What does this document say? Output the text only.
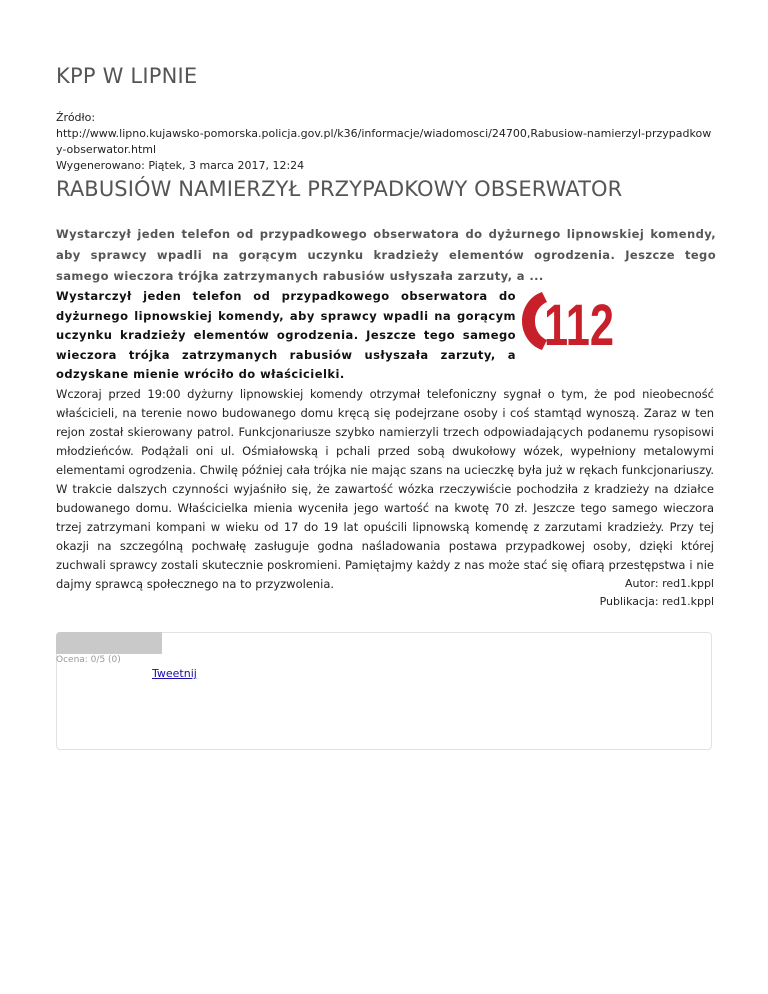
KPP W LIPNIE
Źródło:
http://www.lipno.kujawsko-pomorska.policja.gov.pl/k36/informacje/wiadomosci/24700,Rabusiow-namierzyl-przypadkowy-obserwator.html
Wygenerowano: Piątek, 3 marca 2017, 12:24
RABUSIÓW NAMIERZYŁ PRZYPADKOWY OBSERWATOR
Wystarczył jeden telefon od przypadkowego obserwatora do dyżurnego lipnowskiej komendy, aby sprawcy wpadli na gorącym uczynku kradzieży elementów ogrodzenia. Jeszcze tego samego wieczora trójka zatrzymanych rabusiów usłyszała zarzuty, a ...
Wystarczył jeden telefon od przypadkowego obserwatora do dyżurnego lipnowskiej komendy, aby sprawcy wpadli na gorącym uczynku kradzieży elementów ogrodzenia. Jeszcze tego samego wieczora trójka zatrzymanych rabusiów usłyszała zarzuty, a odzyskane mienie wróciło do właścicielki.
112
Wczoraj przed 19:00 dyżurny lipnowskiej komendy otrzymał telefoniczny sygnał o tym, że pod nieobecność właścicieli, na terenie nowo budowanego domu kręcą się podejrzane osoby i coś stamtąd wynoszą. Zaraz w ten rejon został skierowany patrol. Funkcjonariusze szybko namierzyli trzech odpowiadających podanemu rysopisowi młodzieńców. Podążali oni ul. Ośmiałowską i pchali przed sobą dwukołowy wózek, wypełniony metalowymi elementami ogrodzenia. Chwilę później cała trójka nie mając szans na ucieczkę była już w rękach funkcjonariuszy. W trakcie dalszych czynności wyjaśniło się, że zawartość wózka rzeczywiście pochodziła z kradzieży na działce budowanego domu. Właścicielka mienia wyceniła jego wartość na kwotę 70 zł. Jeszcze tego samego wieczora trzej zatrzymani kompani w wieku od 17 do 19 lat opuścili lipnowską komendę z zarzutami kradzieży. Przy tej okazji na szczególną pochwałę zasługuje godna naśladowania postawa przypadkowej osoby, dzięki której zuchwali sprawcy zostali skutecznie poskromieni. Pamiętajmy każdy z nas może stać się ofiarą przestępstwa i nie dajmy sprawcą społecznego na to przyzwolenia.	Autor: red1.kppl
Publikacja: red1.kppl
Ocena: 0/5 (0)
Tweetnij
